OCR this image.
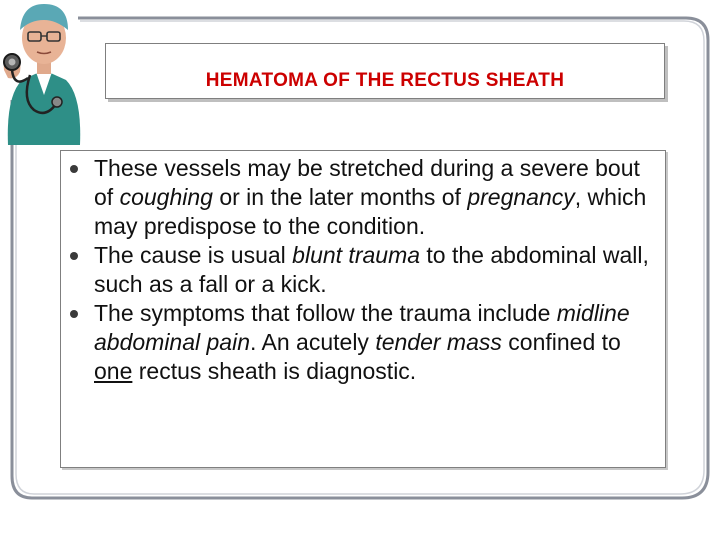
HEMATOMA OF THE RECTUS SHEATH
These vessels may be stretched during a severe bout of coughing or in the later months of pregnancy, which may predispose to the condition.
The cause is usual blunt trauma to the abdominal wall, such as a fall or a kick.
The symptoms that follow the trauma include midline abdominal pain. An acutely tender mass confined to one rectus sheath is diagnostic.
